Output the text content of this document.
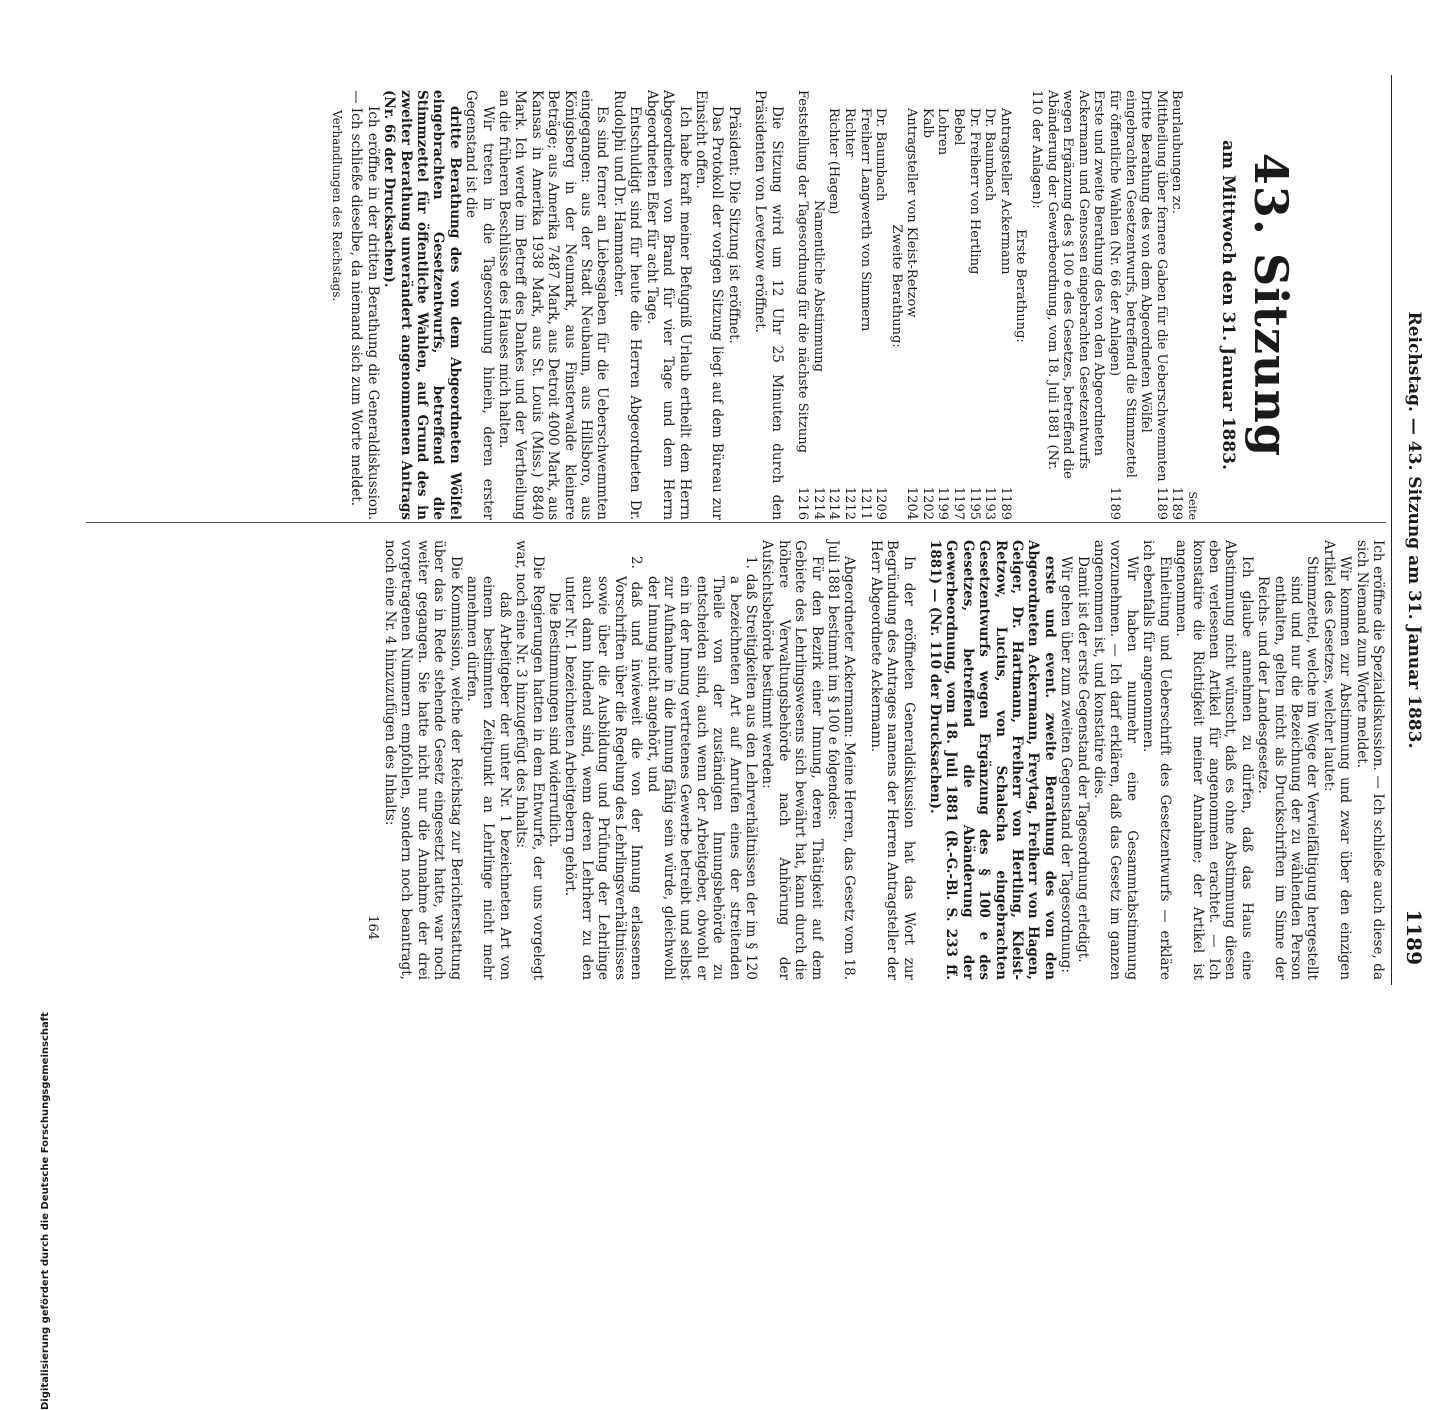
Reichstag. — 43. Sitzung am 31. Januar 1883.
1189
43. Sitzung
am Mittwoch den 31. Januar 1883.
Seite
Beurlaubungen zc.
1189
Mittheilung über fernere Gaben für die Ueberschwemmten
1189
Dritte Berathung des von dem Abgeordneten Wölfel eingebrachten Gesetzentwurfs, betreffend die Stimmzettel für öffentliche Wahlen (Nr. 66 der Anlagen)
1189
Erste und zweite Berathung des von den Abgeordneten Ackermann und Genossen eingebrachten Gesetzentwurfs wegen Ergänzung des § 100 e des Gesetzes, betreffend die Abänderung der Gewerbeordnung, vom 18. Juli 1881 (Nr. 110 der Anlagen):
Erste Berathung:
Antragsteller Ackermann
1189
Dr. Baumbach
1193
Dr. Freiherr von Hertling
1195
Bebel
1197
Lohren
1199
Kalb
1202
Antragsteller von Kleist-Retzow
1204
Zweite Berathung:
Dr. Baumbach
1209
Freiherr Langwerth von Simmern
1211
Richter
1212
Richter (Hagen)
1214
Namentliche Abstimmung
1214
Feststellung der Tagesordnung für die nächste Sitzung
1216

Die Sitzung wird um 12 Uhr 25 Minuten durch den Präsidenten von Levetzow eröffnet.

Präsident: Die Sitzung ist eröffnet.

Das Protokoll der vorigen Sitzung liegt auf dem Büreau zur Einsicht offen.

Ich habe kraft meiner Befugniß Urlaub ertheilt dem Herrn Abgeordneten von Brand für vier Tage und dem Herrn Abgeordneten Eßer für acht Tage.

Entschuldigt sind für heute die Herren Abgeordneten Dr. Rudolphi und Dr. Hammacher.

Es sind ferner an Liebesgaben für die Ueberschwemmten eingegangen: aus der Stadt Neubaum, aus Hillsboro, aus Königsberg in der Neumark, aus Finsterwalde kleinere Beträge; aus Amerika 7487 Mark, aus Detroit 4000 Mark, aus Kansas in Amerika 1938 Mark, aus St. Louis (Miss.) 8840 Mark. Ich werde im Betreff des Dankes und der Vertheilung an die früheren Beschlüsse des Hauses mich halten.

Wir treten in die Tagesordnung hinein, deren erster Gegenstand ist die

dritte Berathung des von dem Abgeordneten Wölfel eingebrachten Gesetzentwurfs, betreffend die Stimmzettel für öffentliche Wahlen, auf Grund des in zweiter Berathung unverändert angenommenen Antrags (Nr. 66 der Drucksachen).

Ich eröffne in der dritten Berathung die Generaldiskussion. — Ich schließe dieselbe, da niemand sich zum Worte meldet.

Verhandlungen des Reichstags.

Ich eröffne die Spezialdiskussion. — Ich schließe auch diese, da sich Niemand zum Worte meldet.

Wir kommen zur Abstimmung und zwar über den einzigen Artikel des Gesetzes, welcher lautet:

Stimmzettel, welche im Wege der Vervielfältigung hergestellt sind und nur die Bezeichnung der zu wählenden Person enthalten, gelten nicht als Druckschriften im Sinne der Reichs- und der Landesgesetze.

Ich glaube annehmen zu dürfen, daß das Haus eine Abstimmung nicht wünscht, daß es ohne Abstimmung diesen eben verlesenen Artikel für angenommen erachtet. — Ich konstatire die Richtigkeit meiner Annahme; der Artikel ist angenommen.

Einleitung und Ueberschrift des Gesetzentwurfs — erkläre ich ebenfalls für angenommen.

Wir haben nunmehr eine Gesammtabstimmung vorzunehmen. — Ich darf erklären, daß das Gesetz im ganzen angenommen ist, und konstatire dies.

Damit ist der erste Gegenstand der Tagesordnung erledigt.

Wir gehen über zum zweiten Gegenstand der Tagesordnung:

erste und event. zweite Berathung des von den Abgeordneten Ackermann, Freytag, Freiherr von Hagen, Geiger, Dr. Hartmann, Freiherr von Hertling, Kleist-Retzow, Lucius, von Schalscha eingebrachten Gesetzentwurfs wegen Ergänzung des § 100 e des Gesetzes, betreffend die Abänderung der Gewerbeordnung, vom 18. Juli 1881 (R.-G.-Bl. S. 233 ff. 1881) — (Nr. 110 der Drucksachen).

In der eröffneten Generaldiskussion hat das Wort zur Begründung des Antrages namens der Herren Antragsteller der Herr Abgeordnete Ackermann.

Abgeordneter Ackermann: Meine Herren, das Gesetz vom 18. Juli 1881 bestimmt im § 100 e folgendes:

Für den Bezirk einer Innung, deren Thätigkeit auf dem Gebiete des Lehrlingswesens sich bewährt hat, kann durch die höhere Verwaltungsbehörde nach Anhörung der Aufsichtsbehörde bestimmt werden:

1. daß Streitigkeiten aus den Lehrverhältnissen der im § 120 a bezeichneten Art auf Anrufen eines der streitenden Theile von der zuständigen Innungsbehörde zu entscheiden sind, auch wenn der Arbeitgeber, obwohl er ein in der Innung vertretenes Gewerbe betreibt und selbst zur Aufnahme in die Innung fähig sein würde, gleichwohl der Innung nicht angehört, und

2. daß und inwieweit die von der Innung erlassenen Vorschriften über die Regelung des Lehrlingsverhältnisses sowie über die Ausbildung und Prüfung der Lehrlinge auch dann bindend sind, wenn deren Lehrherr zu den unter Nr. 1 bezeichneten Arbeitgebern gehört.

Die Bestimmungen sind widerruflich.

Die Regierungen hatten in dem Entwurfe, der uns vorgelegt war, noch eine Nr. 3 hinzugefügt des Inhalts:

daß Arbeitgeber der unter Nr. 1 bezeichneten Art von einem bestimmten Zeitpunkt an Lehrlinge nicht mehr annehmen dürfen.

Die Kommission, welche der Reichstag zur Berichterstattung über das in Rede stehende Gesetz eingesetzt hatte, war noch weiter gegangen. Sie hatte nicht nur die Annahme der drei vorgetragenen Nummern empfohlen, sondern noch beantragt, noch eine Nr. 4 hinzuzufügen des Inhalts:

164
Digitalisierung gefördert durch die Deutsche Forschungsgemeinschaft
